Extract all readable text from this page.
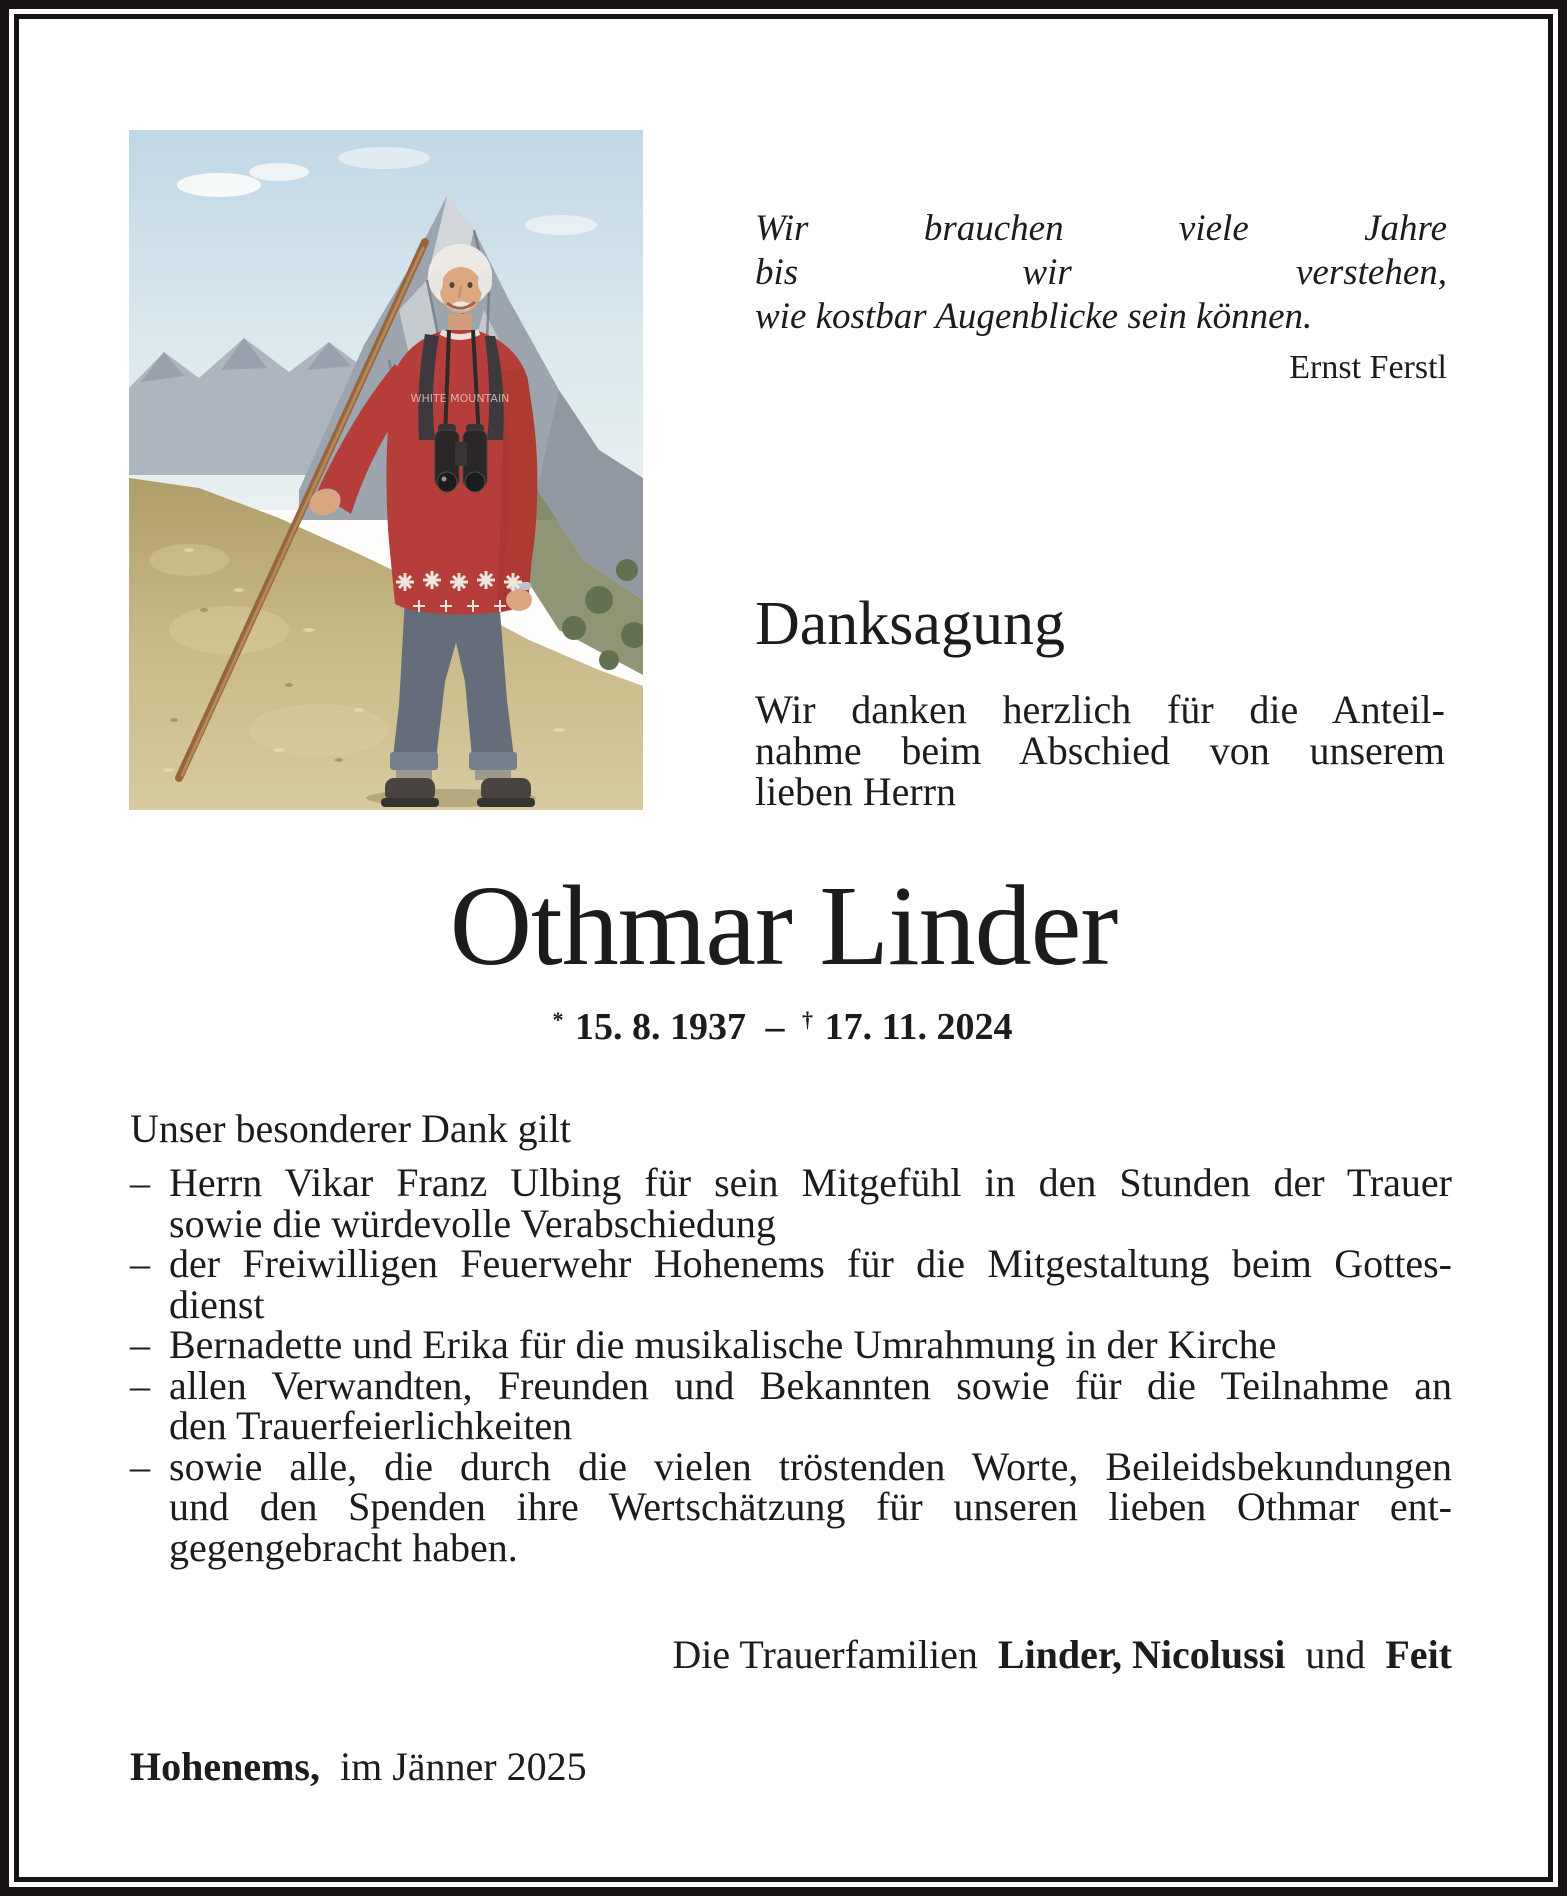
WHITE MOUNTAIN
Wir brauchen viele Jahre
bis wir verstehen,
wie kostbar Augenblicke sein können.
Ernst Ferstl
Danksagung
Wir danken herzlich für die Anteil-
nahme beim Abschied von unserem
lieben Herrn
Othmar Linder
* 15. 8. 1937 – † 17. 11. 2024
Unser besonderer Dank gilt
– Herrn Vikar Franz Ulbing für sein Mitgefühl in den Stunden der Trauer
sowie die würdevolle Verabschiedung
– der Freiwilligen Feuerwehr Hohenems für die Mitgestaltung beim Gottes-
dienst
– Bernadette und Erika für die musikalische Umrahmung in der Kirche
– allen Verwandten, Freunden und Bekannten sowie für die Teilnahme an
den Trauerfeierlichkeiten
– sowie alle, die durch die vielen tröstenden Worte, Beileidsbekundungen
und den Spenden ihre Wertschätzung für unseren lieben Othmar ent-
gegengebracht haben.
Die Trauerfamilien Linder, Nicolussi und Feit
Hohenems, im Jänner 2025
